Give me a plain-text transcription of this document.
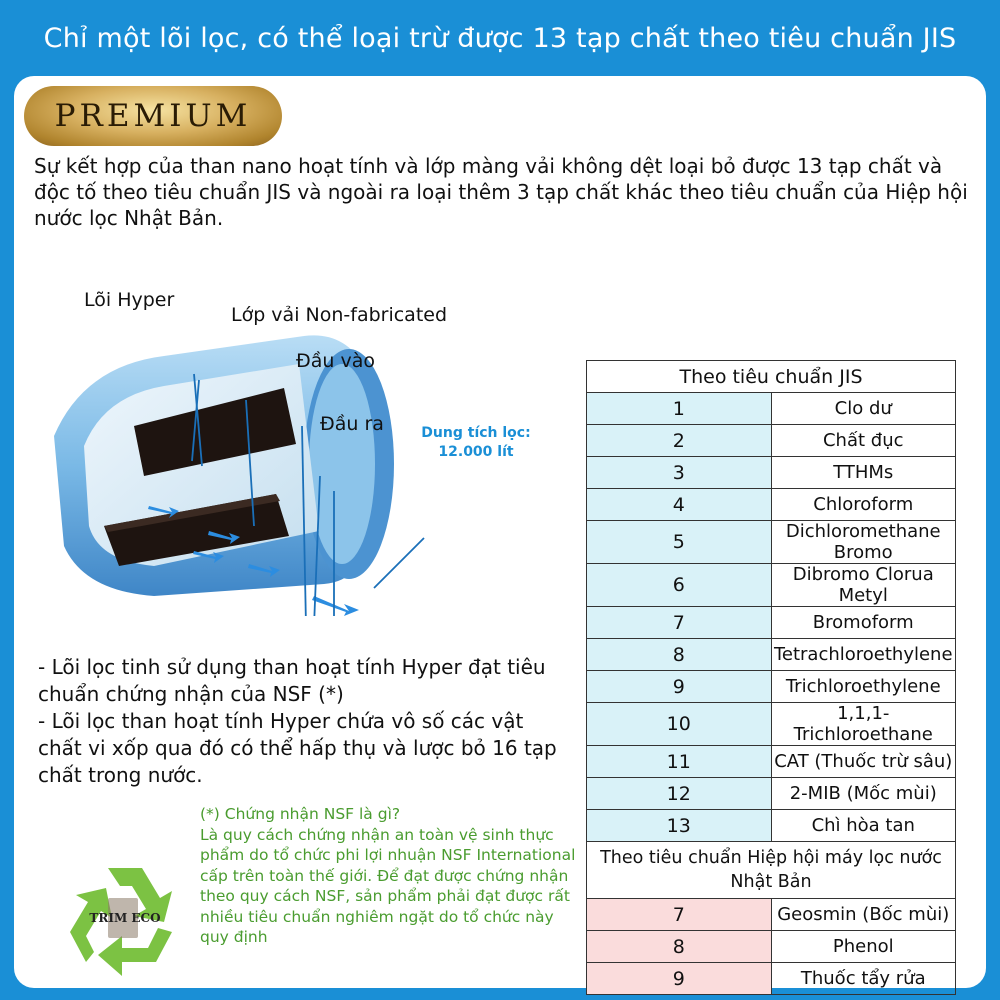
Chỉ một lõi lọc, có thể loại trừ được 13 tạp chất theo tiêu chuẩn JIS
PREMIUM
Sự kết hợp của than nano hoạt tính và lớp màng vải không dệt loại bỏ được 13 tạp chất và độc tố theo tiêu chuẩn JIS và ngoài ra loại thêm 3 tạp chất khác theo tiêu chuẩn của Hiệp hội nước lọc Nhật Bản.
Lõi Hyper
Lớp vải Non-fabricated
Đầu vào
Đầu ra	Dung tích lọc:
12.000 lít
- Lõi lọc tinh sử dụng than hoạt tính Hyper đạt tiêu chuẩn chứng nhận của NSF (*)
- Lõi lọc than hoạt tính Hyper chứa vô số các vật chất vi xốp qua đó có thể hấp thụ và lược bỏ 16 tạp chất trong nước.
(*) Chứng nhận NSF là gì?
Là quy cách chứng nhận an toàn vệ sinh thực phẩm do tổ chức phi lợi nhuận NSF International cấp trên toàn thế giới. Để đạt được chứng nhận theo quy cách NSF, sản phẩm phải đạt được rất nhiều tiêu chuẩn nghiêm ngặt do tổ chức này quy định
TRIM ECO
Theo tiêu chuẩn JIS	
1	Clo dư
2	Chất đục
3	TTHMs
4	Chloroform
5	Dichloromethane Bromo
6	Dibromo Clorua Metyl
7	Bromoform
8	Tetrachloroethylene
9	Trichloroethylene
10	1,1,1-Trichloroethane
11	CAT (Thuốc trừ sâu)
12	2-MIB (Mốc mùi)
13	Chì hòa tan
Theo tiêu chuẩn Hiệp hội máy lọc nước Nhật Bản	
7	Geosmin (Bốc mùi)
8	Phenol
9	Thuốc tẩy rửa
